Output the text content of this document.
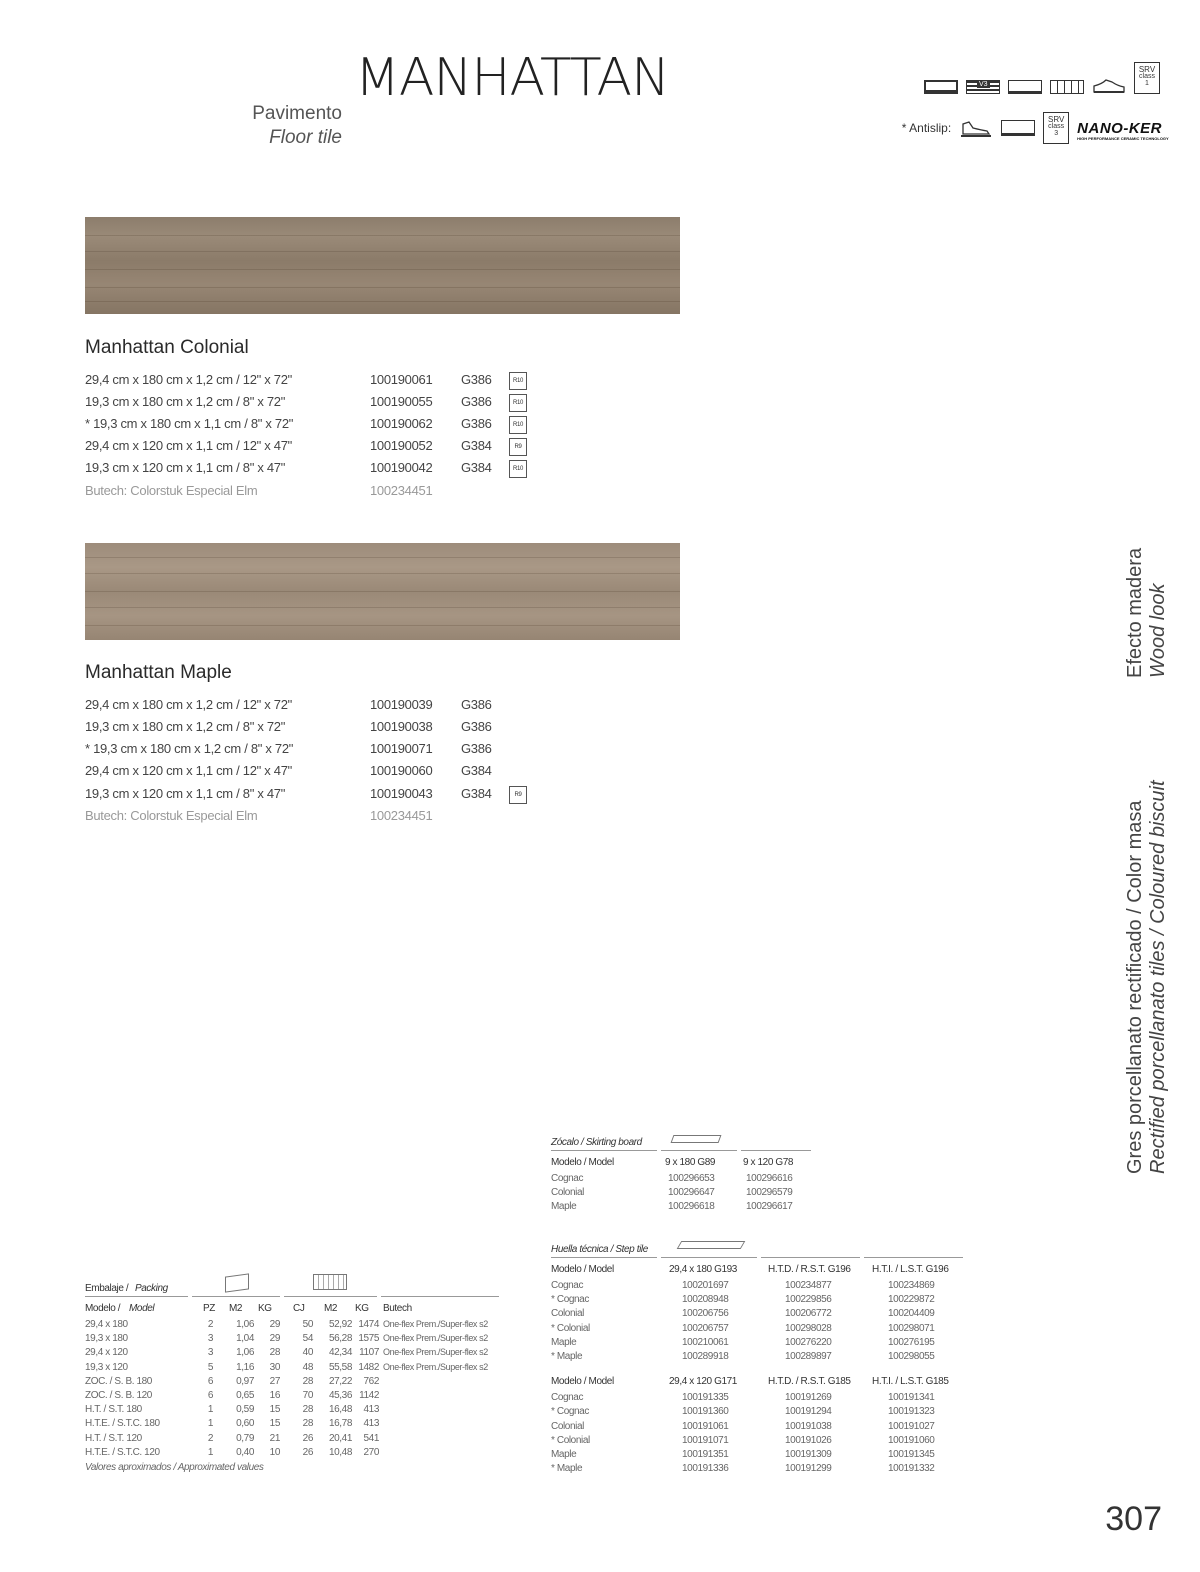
MANHATTAN
Pavimento
Floor tile
V3
SRV
class
1
* Antislip:
SRV
class
3	NANO-KER
HIGH PERFORMANCE CERAMIC TECHNOLOGY
Manhattan Colonial
29,4 cm x 180 cm x 1,2 cm / 12" x 72"	100190061 G386	R10
19,3 cm x 180 cm x 1,2 cm / 8" x 72"	100190055 G386	R10
* 19,3 cm x 180 cm x 1,1 cm / 8" x 72"	100190062 G386	R10
29,4 cm x 120 cm x 1,1 cm / 12" x 47"	100190052 G384	R9
19,3 cm x 120 cm x 1,1 cm / 8" x 47"	100190042 G384	R10
Butech: Colorstuk Especial Elm	100234451
Manhattan Maple
29,4 cm x 180 cm x 1,2 cm / 12" x 72"	100190039 G386
19,3 cm x 180 cm x 1,2 cm / 8" x 72"	100190038 G386
* 19,3 cm x 180 cm x 1,2 cm / 8" x 72"	100190071 G386
29,4 cm x 120 cm x 1,1 cm / 12" x 47"	100190060 G384
19,3 cm x 120 cm x 1,1 cm / 8" x 47"	100190043 G384	R9
Butech: Colorstuk Especial Elm	100234451
Efecto madera Wood look
Gres porcellanato rectificado / Color masa Rectified porcellanato tiles / Coloured biscuit
Embalaje / Packing
Modelo / Model	PZ M2 KG CJ M2 KG Butech
29,4 x 180	2	1,06	29	50	52,92 1474 One-flex Prem./Super-flex s2
19,3 x 180	3	1,04	29	54	56,28 1575 One-flex Prem./Super-flex s2
29,4 x 120	3	1,06	28	40	42,34 1107 One-flex Prem./Super-flex s2
19,3 x 120	5	1,16	30	48	55,58 1482 One-flex Prem./Super-flex s2
ZOC. / S. B. 180	6	0,97	27	28	27,22	762
ZOC. / S. B. 120	6	0,65	16	70	45,36 1142
H.T. / S.T. 180	1	0,59	15	28	16,48	413
H.T.E. / S.T.C. 180	1	0,60	15	28	16,78	413
H.T. / S.T. 120	2	0,79	21	26	20,41	541
H.T.E. / S.T.C. 120	1	0,40	10	26	10,48	270
Valores aproximados / Approximated values
Zócalo / Skirting board
Modelo / Model	9 x 180 G89	9 x 120 G78
Cognac	100296653	100296616
Colonial	100296647	100296579
Maple	100296618	100296617
Huella técnica / Step tile
Modelo / Model	29,4 x 180 G193	H.T.D. / R.S.T. G196 H.T.I. / L.S.T. G196
Cognac	100201697	100234877	100234869
* Cognac	100208948	100229856	100229872
Colonial	100206756	100206772	100204409
* Colonial	100206757	100298028	100298071
Maple	100210061	100276220	100276195
* Maple	100289918	100289897	100298055
Modelo / Model	29,4 x 120 G171	H.T.D. / R.S.T. G185 H.T.I. / L.S.T. G185
Cognac	100191335	100191269	100191341
* Cognac	100191360	100191294	100191323
Colonial	100191061	100191038	100191027
* Colonial	100191071	100191026	100191060
Maple	100191351	100191309	100191345
* Maple	100191336	100191299	100191332
307
